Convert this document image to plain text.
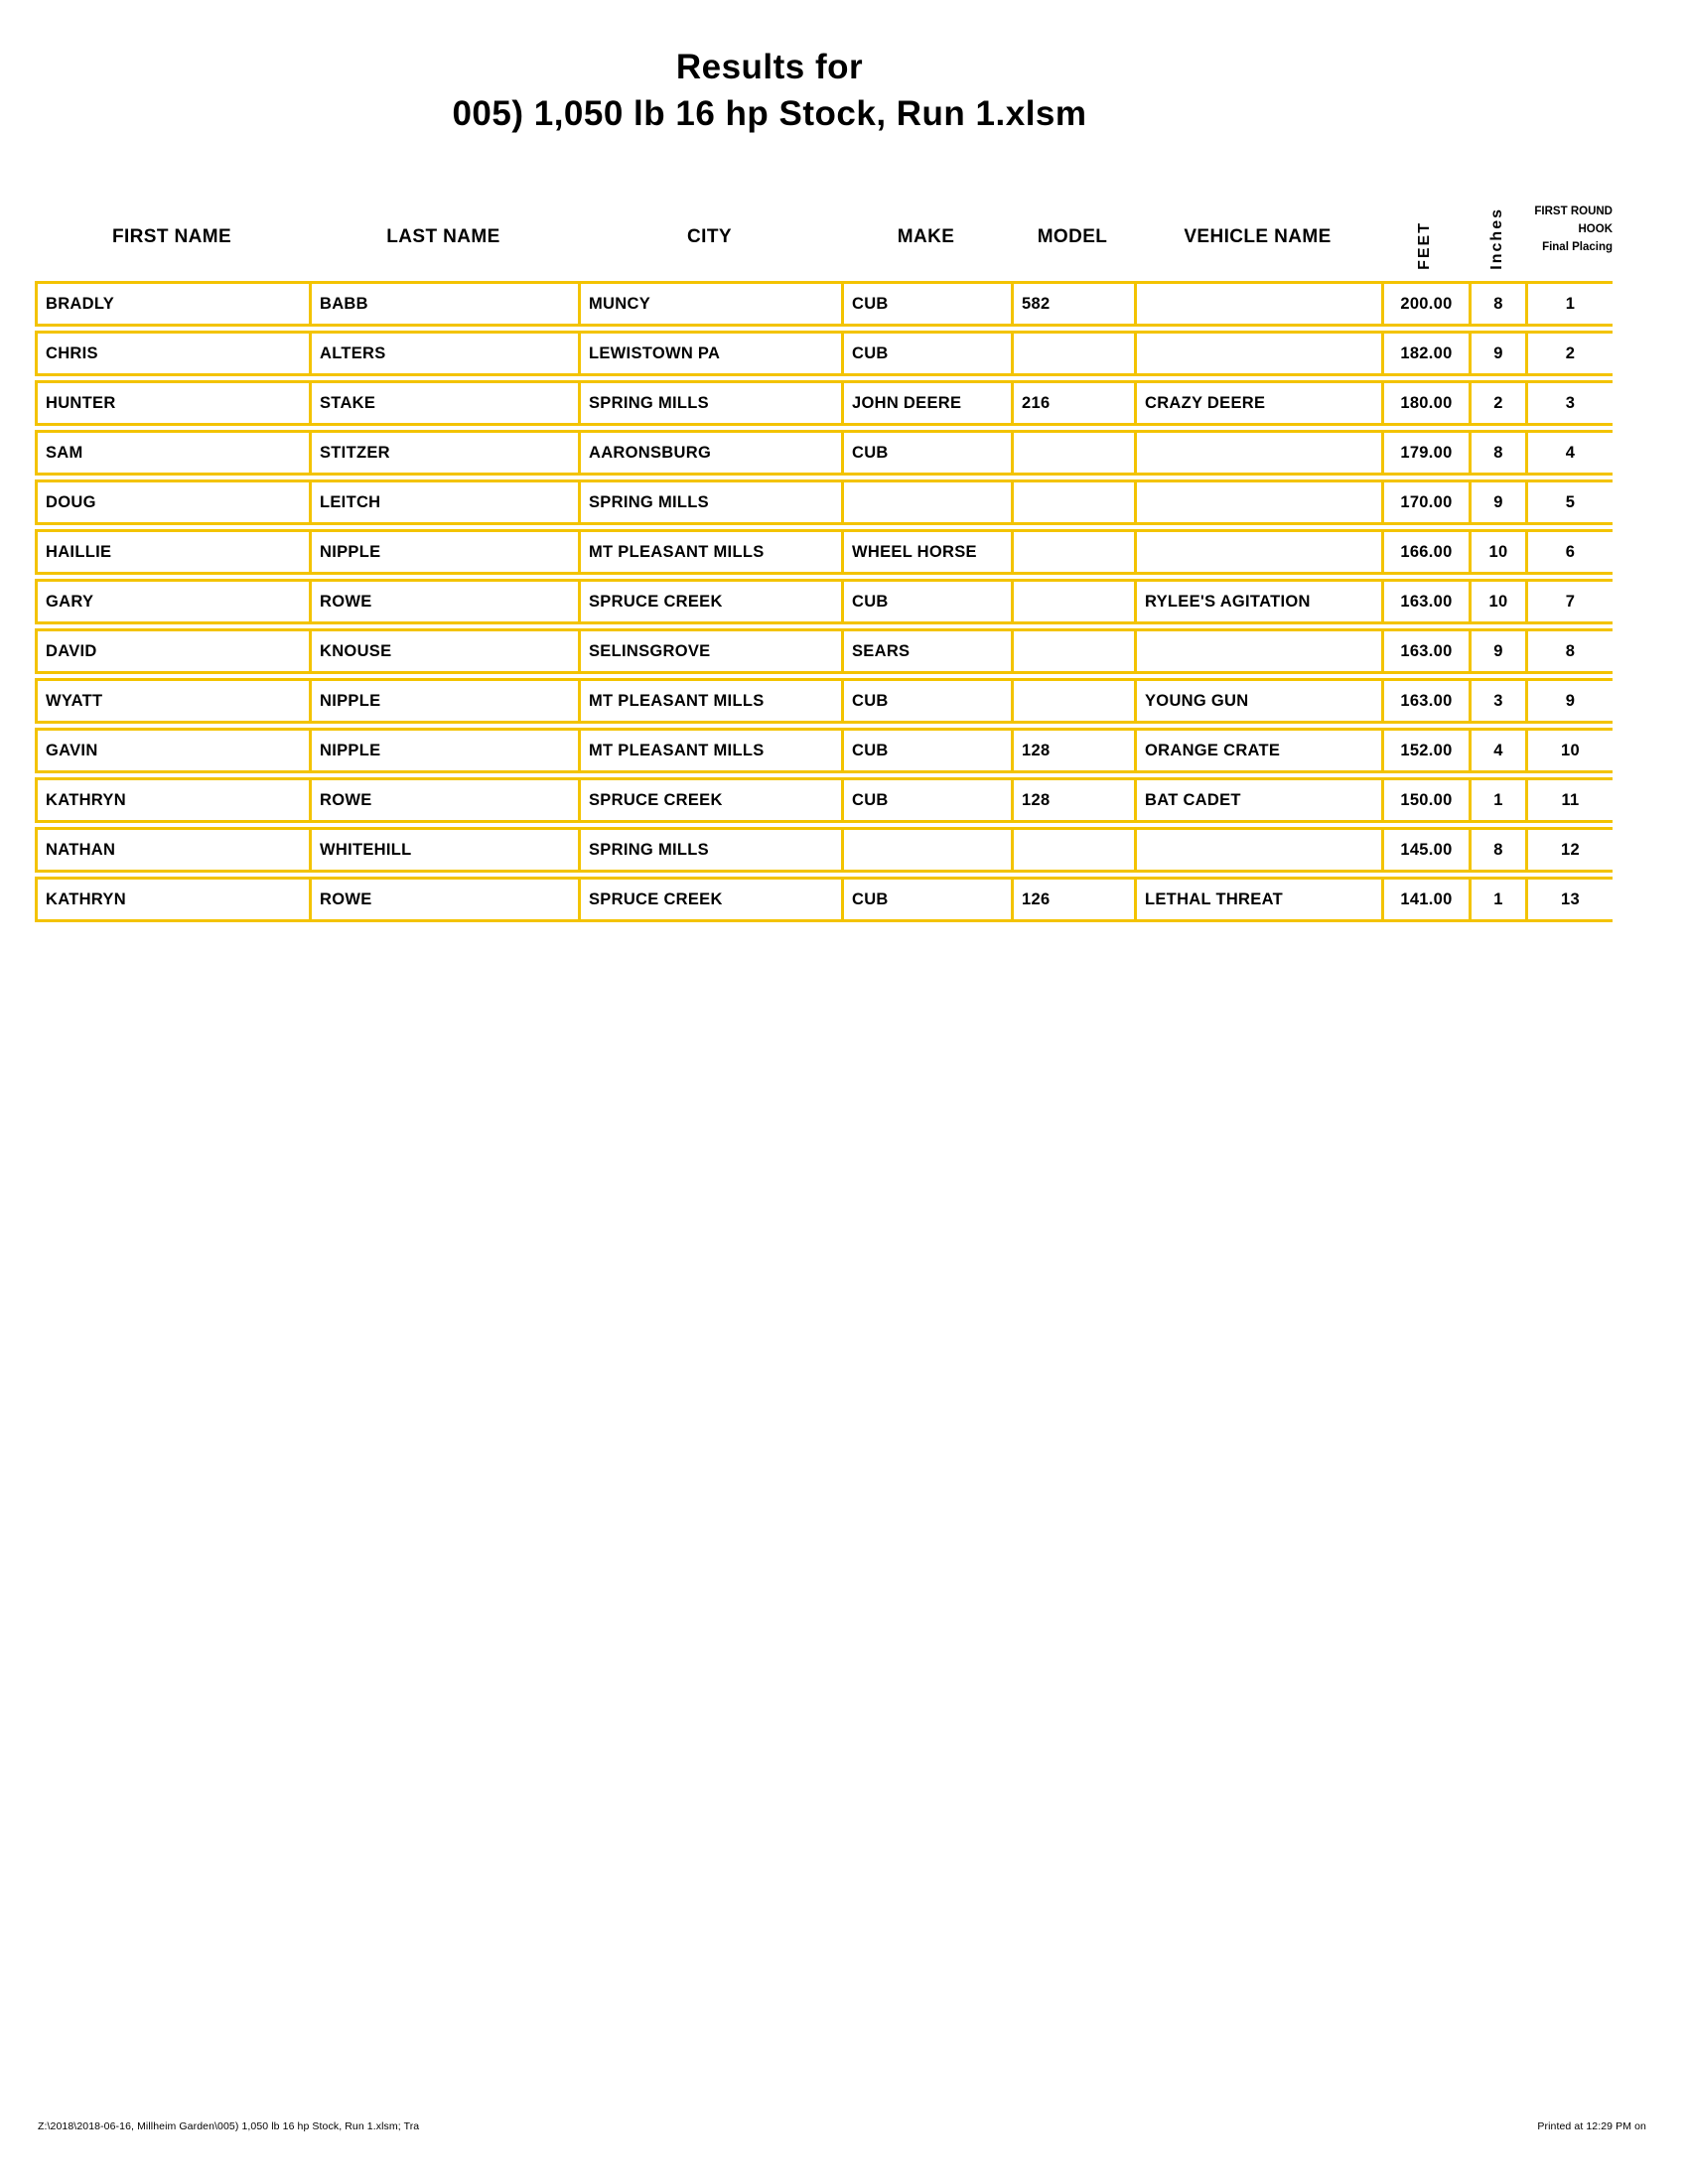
Results for
005) 1,050 lb 16 hp Stock, Run 1.xlsm
FIRST NAME	LAST NAME	CITY	MAKE	MODEL	VEHICLE NAME	FEET	Inches	FIRST ROUND
HOOK
Final Placing
BRADLY	BABB	MUNCY	CUB	582		200.00	8	1
CHRIS	ALTERS	LEWISTOWN PA	CUB			182.00	9	2
HUNTER	STAKE	SPRING MILLS	JOHN DEERE	216	CRAZY DEERE	180.00	2	3
SAM	STITZER	AARONSBURG	CUB			179.00	8	4
DOUG	LEITCH	SPRING MILLS				170.00	9	5
HAILLIE	NIPPLE	MT PLEASANT MILLS	WHEEL HORSE			166.00	10	6
GARY	ROWE	SPRUCE CREEK	CUB		RYLEE'S AGITATION	163.00	10	7
DAVID	KNOUSE	SELINSGROVE	SEARS			163.00	9	8
WYATT	NIPPLE	MT PLEASANT MILLS	CUB		YOUNG GUN	163.00	3	9
GAVIN	NIPPLE	MT PLEASANT MILLS	CUB	128	ORANGE CRATE	152.00	4	10
KATHRYN	ROWE	SPRUCE CREEK	CUB	128	BAT CADET	150.00	1	11
NATHAN	WHITEHILL	SPRING MILLS				145.00	8	12
KATHRYN	ROWE	SPRUCE CREEK	CUB	126	LETHAL THREAT	141.00	1	13
Z:\2018\2018-06-16, Millheim Garden\005) 1,050 lb 16 hp Stock, Run 1.xlsm; Tra	Printed at 12:29 PM on
